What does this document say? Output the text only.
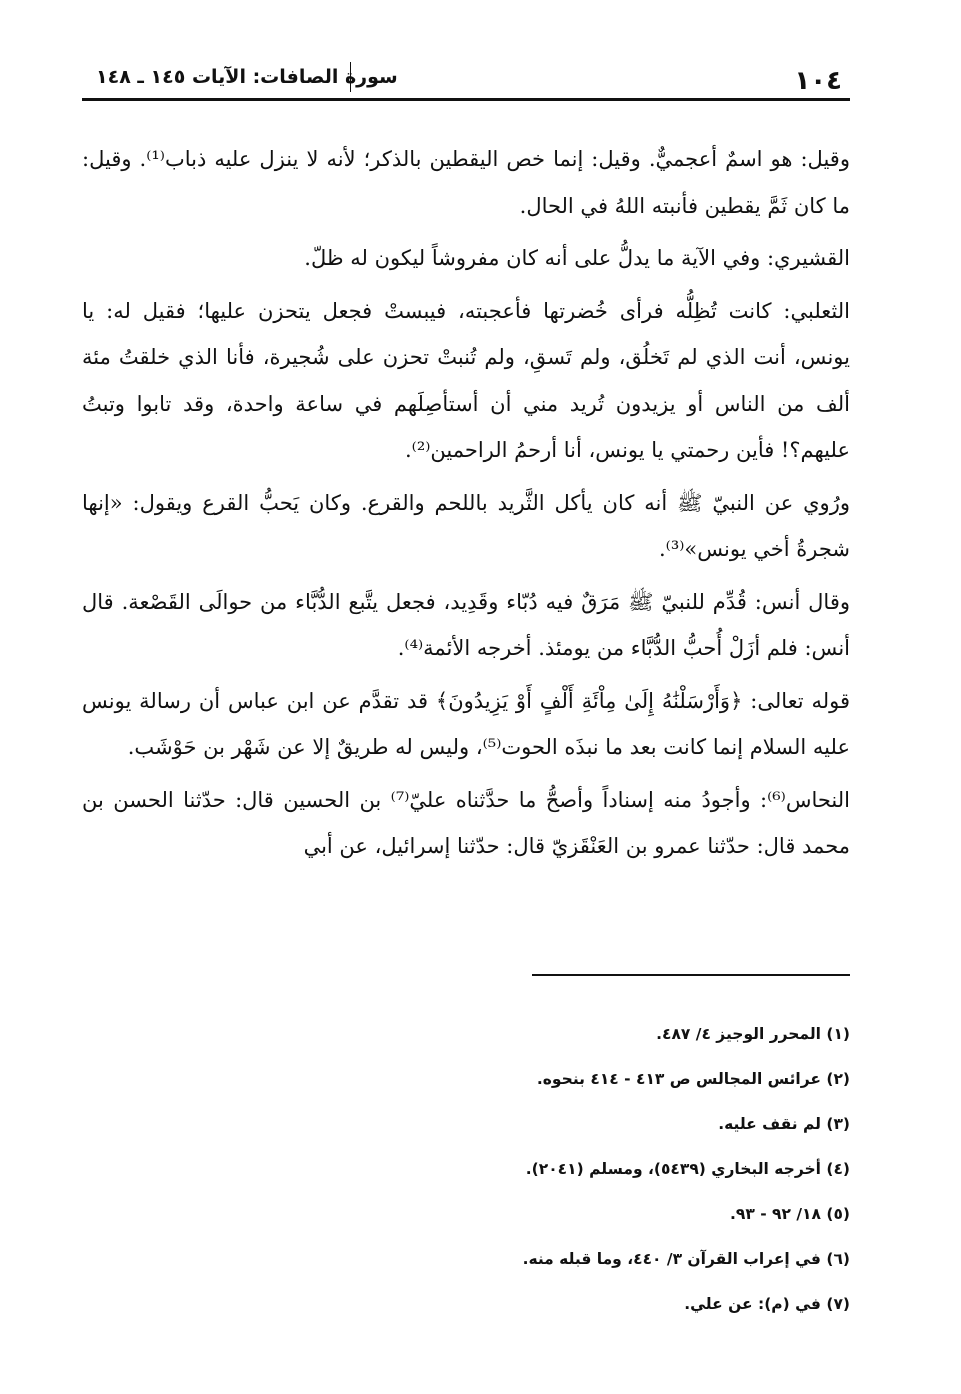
١٠٤
سورة الصافات: الآيات ١٤٥ ـ ١٤٨

وقيل: هو اسمٌ أعجميٌّ. وقيل: إنما خص اليقطين بالذكر؛ لأنه لا ينزل عليه ذباب⁽¹⁾. وقيل: ما كان ثَمَّ يقطين فأنبته اللهُ في الحال.

القشيري: وفي الآية ما يدلُّ على أنه كان مفروشاً ليكون له ظلّ.

الثعلبي: كانت تُظِلُّه فرأى خُضرتها فأعجبته، فيبستْ فجعل يتحزن عليها؛ فقيل له: يا يونس، أنت الذي لم تَخلُق، ولم تَسقِ، ولم تُنبتْ تحزن على شُجيرة، فأنا الذي خلقتُ مئة ألف من الناس أو يزيدون تُريد مني أن أستأصِلَهم في ساعة واحدة، وقد تابوا وتبتُ عليهم؟! فأين رحمتي يا يونس، أنا أرحمُ الراحمين⁽²⁾.

ورُوي عن النبيّ ﷺ أنه كان يأكل الثَّريد باللحم والقرع. وكان يَحبُّ القرع ويقول: «إنها شجرةُ أخي يونس»⁽³⁾.

وقال أنس: قُدِّم للنبيّ ﷺ مَرَقٌ فيه دُبّاء وقَدِيد، فجعل يتَّبع الدُّبَّاء من حوالَى القَصْعة. قال أنس: فلم أزَلْ أُحبُّ الدُّبَّاء من يومئذ. أخرجه الأئمة⁽⁴⁾.

قوله تعالى: ﴿وَأَرْسَلْنَٰهُ إِلَىٰ مِاْئَةِ أَلْفٍ أَوْ يَزِيدُونَ﴾ قد تقدَّم عن ابن عباس أن رسالة يونس عليه السلام إنما كانت بعد ما نبذَه الحوت⁽⁵⁾، وليس له طريقٌ إلا عن شَهْر بن حَوْشَب.

النحاس⁽⁶⁾: وأجودُ منه إسناداً وأصحُّ ما حدَّثناه عليّ⁽⁷⁾ بن الحسين قال: حدّثنا الحسن بن محمد قال: حدّثنا عمرو بن العَنْقَزيّ قال: حدّثنا إسرائيل، عن أبي

(١) المحرر الوجيز ٤/ ٤٨٧.
(٢) عرائس المجالس ص ٤١٣ - ٤١٤ بنحوه.
(٣) لم نقف عليه.
(٤) أخرجه البخاري (٥٤٣٩)، ومسلم (٢٠٤١).
(٥) ١٨/ ٩٢ - ٩٣.
(٦) في إعراب القرآن ٣/ ٤٤٠، وما قبله منه.
(٧) في (م): عن علي.
